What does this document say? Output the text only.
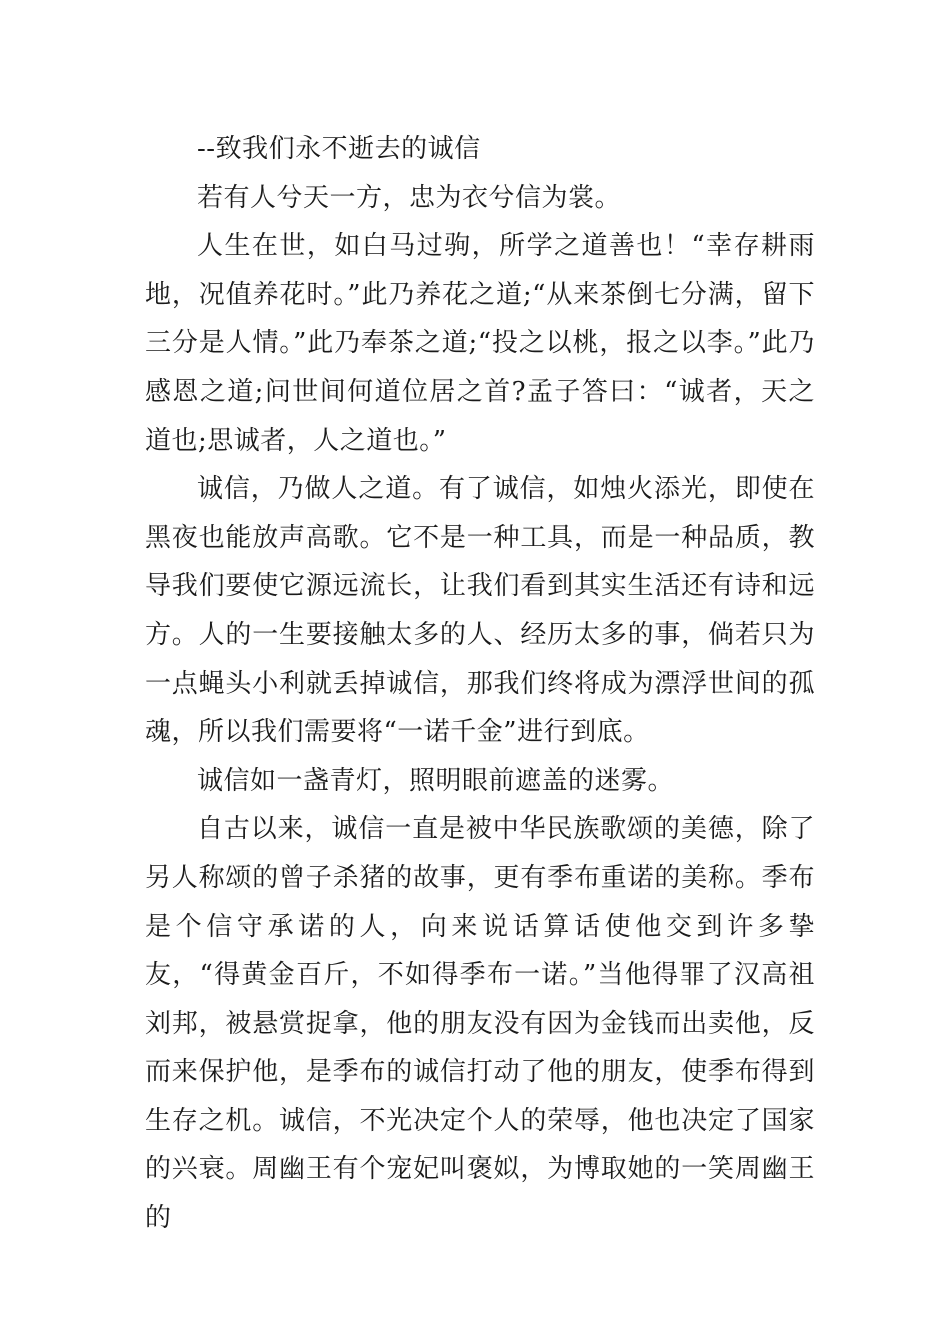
--致我们永不逝去的诚信

若有人兮天一方，忠为衣兮信为裳。

人生在世，如白马过驹，所学之道善也！“幸存耕雨地，况值养花时。”此乃养花之道;“从来茶倒七分满，留下三分是人情。”此乃奉茶之道;“投之以桃，报之以李。”此乃感恩之道;问世间何道位居之首?孟子答曰：“诚者，天之道也;思诚者，人之道也。”

诚信，乃做人之道。有了诚信，如烛火添光，即使在黑夜也能放声高歌。它不是一种工具，而是一种品质，教导我们要使它源远流长，让我们看到其实生活还有诗和远方。人的一生要接触太多的人、经历太多的事，倘若只为一点蝇头小利就丢掉诚信，那我们终将成为漂浮世间的孤魂，所以我们需要将“一诺千金”进行到底。

诚信如一盏青灯，照明眼前遮盖的迷雾。

自古以来，诚信一直是被中华民族歌颂的美德，除了另人称颂的曾子杀猪的故事，更有季布重诺的美称。季布是个信守承诺的人，向来说话算话使他交到许多挚友，“得黄金百斤，不如得季布一诺。”当他得罪了汉高祖刘邦，被悬赏捉拿，他的朋友没有因为金钱而出卖他，反而来保护他，是季布的诚信打动了他的朋友，使季布得到生存之机。诚信，不光决定个人的荣辱，他也决定了国家的兴衰。周幽王有个宠妃叫褒姒，为博取她的一笑周幽王的
